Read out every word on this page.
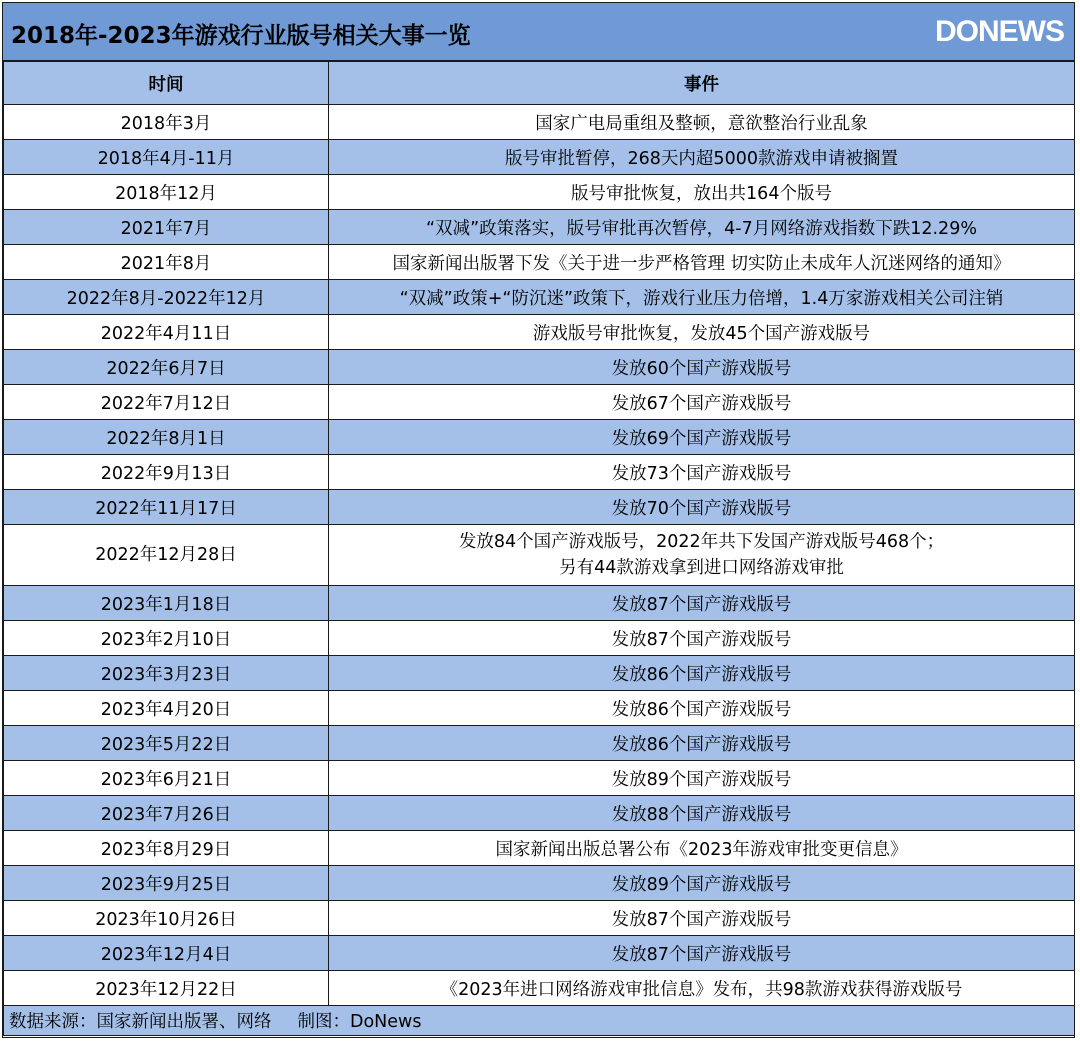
2018年-2023年游戏行业版号相关大事一览	DONEWS
时间	事件
2018年3月	国家广电局重组及整顿，意欲整治行业乱象
2018年4月-11月	版号审批暂停，268天内超5000款游戏申请被搁置
2018年12月	版号审批恢复，放出共164个版号
2021年7月	“双减”政策落实，版号审批再次暂停，4-7月网络游戏指数下跌12.29%
2021年8月	国家新闻出版署下发《关于进一步严格管理 切实防止未成年人沉迷网络的通知》
2022年8月-2022年12月	“双减”政策+“防沉迷”政策下，游戏行业压力倍增，1.4万家游戏相关公司注销
2022年4月11日	游戏版号审批恢复，发放45个国产游戏版号
2022年6月7日	发放60个国产游戏版号
2022年7月12日	发放67个国产游戏版号
2022年8月1日	发放69个国产游戏版号
2022年9月13日	发放73个国产游戏版号
2022年11月17日	发放70个国产游戏版号
2022年12月28日	发放84个国产游戏版号，2022年共下发国产游戏版号468个；
另有44款游戏拿到进口网络游戏审批

2023年1月18日	发放87个国产游戏版号
2023年2月10日	发放87个国产游戏版号
2023年3月23日	发放86个国产游戏版号
2023年4月20日	发放86个国产游戏版号
2023年5月22日	发放86个国产游戏版号
2023年6月21日	发放89个国产游戏版号
2023年7月26日	发放88个国产游戏版号
2023年8月29日	国家新闻出版总署公布《2023年游戏审批变更信息》
2023年9月25日	发放89个国产游戏版号
2023年10月26日	发放87个国产游戏版号
2023年12月4日	发放87个国产游戏版号
2023年12月22日	《2023年进口网络游戏审批信息》发布，共98款游戏获得游戏版号
数据来源：国家新闻出版署、网络 制图：DoNews	
